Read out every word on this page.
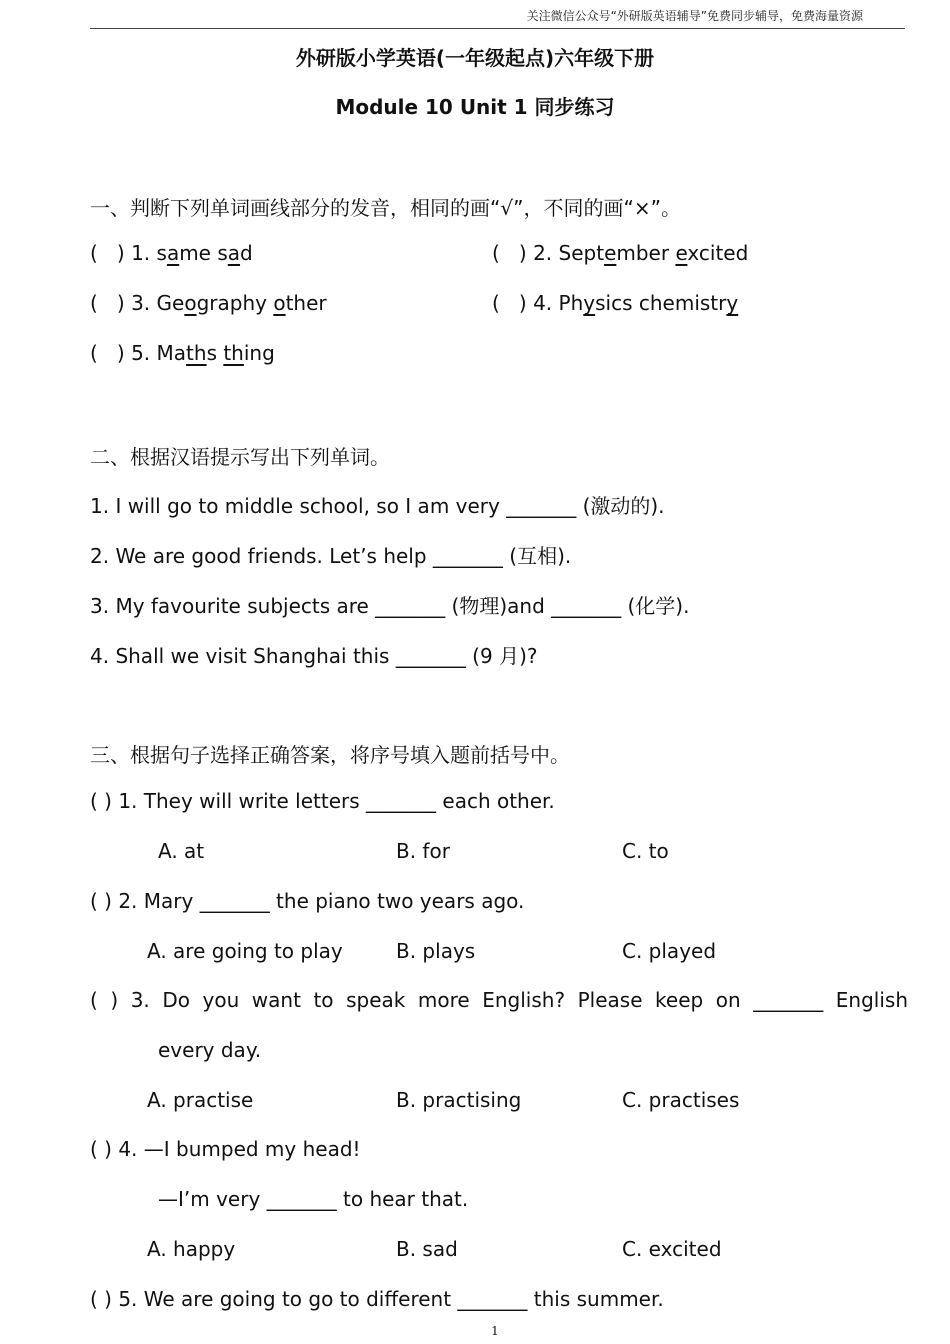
关注微信公众号“外研版英语辅导”免费同步辅导，免费海量资源
外研版小学英语(一年级起点)六年级下册
Module 10 Unit 1 同步练习
一、判断下列单词画线部分的发音，相同的画“√”，不同的画“×”。
( ) 1. same sad	( ) 2. September excited
( ) 3. Geography other	( ) 4. Physics chemistry
( ) 5. Maths thing
二、根据汉语提示写出下列单词。
1. I will go to middle school, so I am very _______ (激动的).
2. We are good friends. Let’s help _______ (互相).
3. My favourite subjects are _______ (物理)and _______ (化学).
4. Shall we visit Shanghai this _______ (9 月)?
三、根据句子选择正确答案，将序号填入题前括号中。
( ) 1. They will write letters _______ each other.
A. at	B. for	C. to
( ) 2. Mary _______ the piano two years ago.
A. are going to play	B. plays	C. played
( ) 3. Do you want to speak more English? Please keep on _______ English
every day.
A. practise	B. practising	C. practises
( ) 4. —I bumped my head!
—I’m very _______ to hear that.
A. happy	B. sad	C. excited
( ) 5. We are going to go to different _______ this summer.
1
